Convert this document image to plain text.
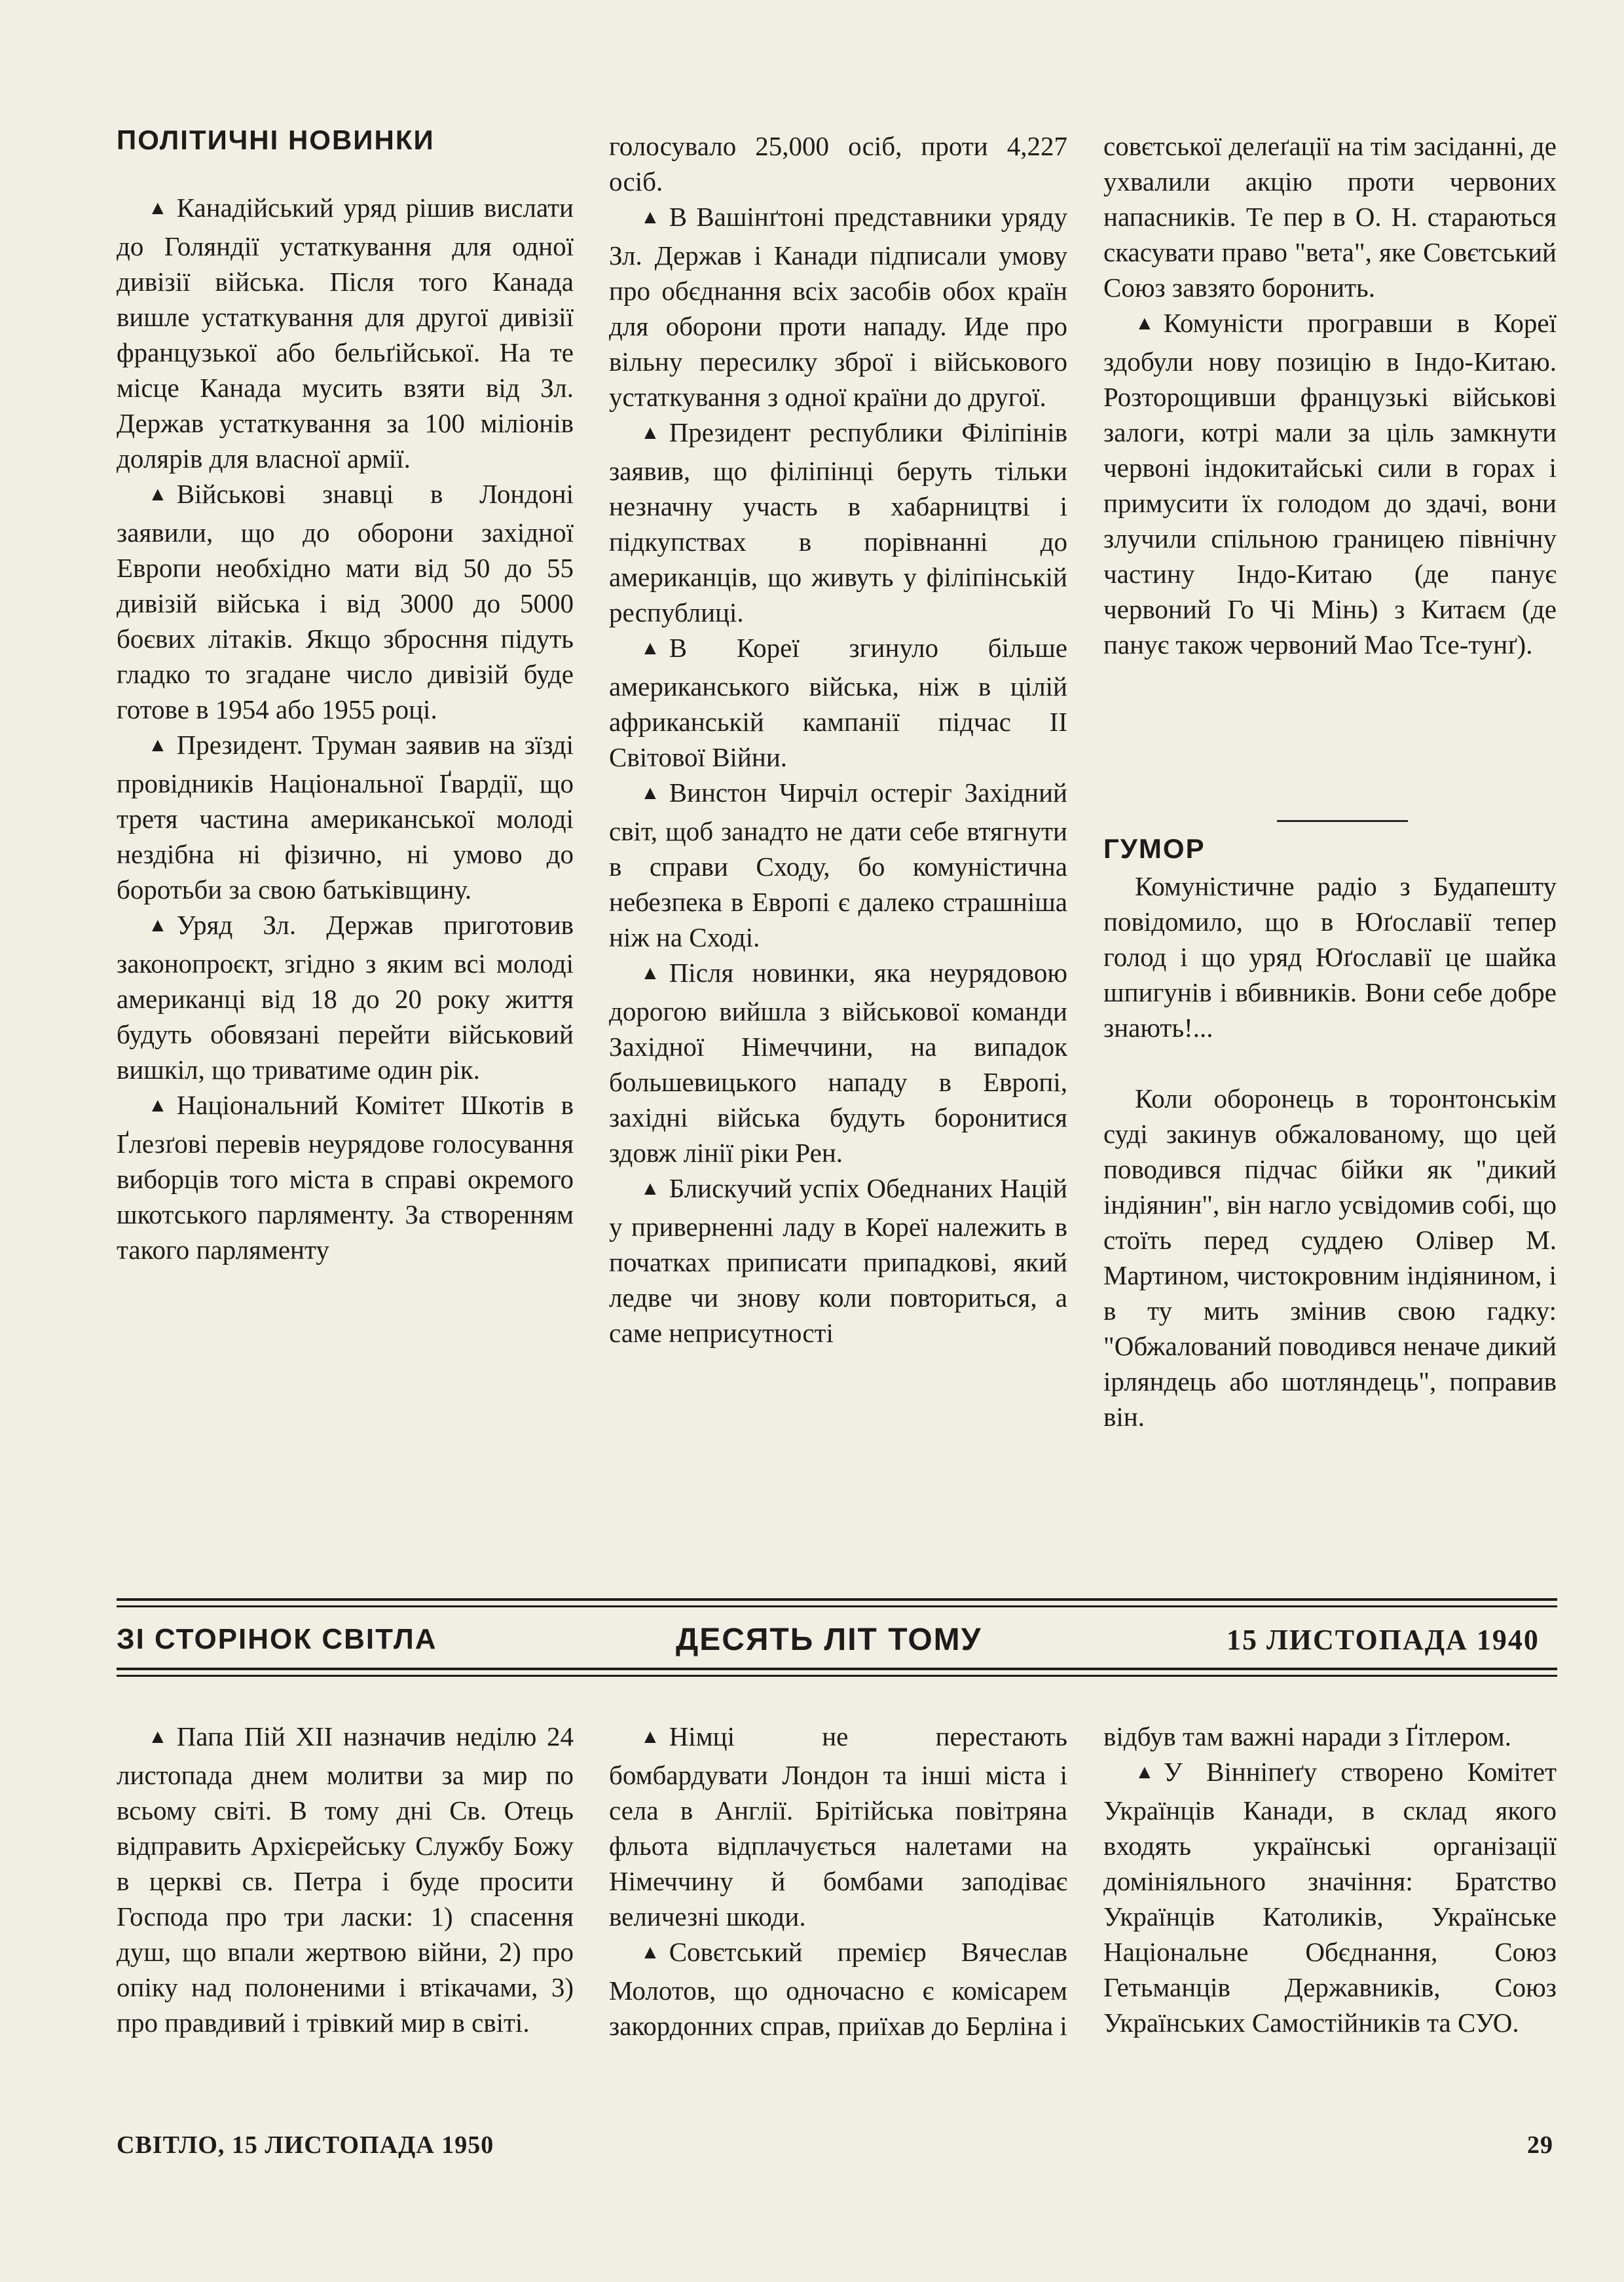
ПОЛІТИЧНІ НОВИНКИ

▲ Канадійський уряд рішив вислати до Голяндії устаткування для одної дивізії війська. Після того Канада вишле устаткування для другої дивізії французької або бельґійської. На те місце Канада мусить взяти від Зл. Держав устаткування за 100 міліонів долярів для власної армії.

▲ Військові знавці в Лондоні заявили, що до оборони західної Европи необхідно мати від 50 до 55 дивізій війська і від 3000 до 5000 боєвих літаків. Якщо збросння підуть гладко то згадане число дивізій буде готове в 1954 або 1955 році.

▲ Президент. Труман заявив на зїзді провідників Національної Ґвардії, що третя частина американської молоді нездібна ні фізично, ні умово до боротьби за свою батьківщину.

▲ Уряд Зл. Держав приготовив законопроєкт, згідно з яким всі молоді американці від 18 до 20 року життя будуть обовязані перейти військовий вишкіл, що триватиме один рік.

▲ Національний Комітет Шкотів в Ґлезґові перевів неурядове голосування виборців того міста в справі окремого шкотського парляменту. За створенням такого парляменту

голосувало 25,000 осіб, проти 4,227 осіб.

▲ В Вашінґтоні представники уряду Зл. Держав і Канади підписали умову про обєднання всіх засобів обох країн для оборони проти нападу. Иде про вільну пересилку зброї і військового устаткування з одної країни до другої.

▲ Президент республики Філіпінів заявив, що філіпінці беруть тільки незначну участь в хабарництві і підкупствах в порівнанні до американців, що живуть у філіпінській республиці.

▲ В Кореї згинуло більше американського війська, ніж в цілій африканській кампанії підчас ІІ Світової Війни.

▲ Винстон Чирчіл остеріг Західний світ, щоб занадто не дати себе втягнути в справи Сходу, бо комуністична небезпека в Европі є далеко страшніша ніж на Сході.

▲ Після новинки, яка неурядовою дорогою вийшла з військової команди Західної Німеччини, на випадок большевицького нападу в Европі, західні війська будуть боронитися здовж лінії ріки Рен.

▲ Блискучий успіх Обеднаних Націй у приверненні ладу в Кореї належить в початках приписати припадкові, який ледве чи знову коли повториться, а саме неприсутності

совєтської делеґації на тім засіданні, де ухвалили акцію проти червоних напасників. Те пер в О. Н. стараються скасувати право "вета", яке Совєтський Союз завзято боронить.

▲ Комуністи програвши в Кореї здобули нову позицію в Індо-Китаю. Розторощивши французькі військові залоги, котрі мали за ціль замкнути червоні індокитайські сили в горах і примусити їх голодом до здачі, вони злучили спільною границею північну частину Індо-Китаю (де панує червоний Го Чі Мінь) з Китаєм (де панує також червоний Мао Тсе-тунґ).

ГУМОР

Комуністичне радіо з Будапешту повідомило, що в Юґославії тепер голод і що уряд Юґославії це шайка шпигунів і вбивників. Вони себе добре знають!...

Коли оборонець в торонтонськім суді закинув обжалованому, що цей поводився підчас бійки як "дикий індіянин", він нагло усвідомив собі, що стоїть перед суддею Олівер М. Мартином, чистокровним індіянином, і в ту мить змінив свою гадку: "Обжалований поводився неначе дикий ірляндець або шотляндець", поправив він.

ЗІ СТОРІНОК СВІТЛА	ДЕСЯТЬ ЛІТ ТОМУ	15 ЛИСТОПАДА 1940

▲ Папа Пій XII назначив неділю 24 листопада днем молитви за мир по всьому світі. В тому дні Св. Отець відправить Архієрейську Службу Божу в церкві св. Петра і буде просити Господа про три ласки: 1) спасення душ, що впали жертвою війни, 2) про опіку над полоненими і втікачами, 3) про правдивий і трівкий мир в світі.

▲ Німці не перестають бомбардувати Лондон та інші міста і села в Англії. Брітійська повітряна фльота відплачується налетами на Німеччину й бомбами заподіває величезні шкоди.

▲ Совєтський премієр Вячеслав Молотов, що одночасно є комісарем закордонних справ, приїхав до Берліна і

відбув там важні наради з Ґітлером.

▲ У Вінніпеґу створено Комітет Українців Канади, в склад якого входять українські організації домініяльного значіння: Братство Українців Католиків, Українське Національне Обєднання, Союз Гетьманців Державників, Союз Українських Самостійників та СУО.

СВІТЛО, 15 ЛИСТОПАДА 1950	29
